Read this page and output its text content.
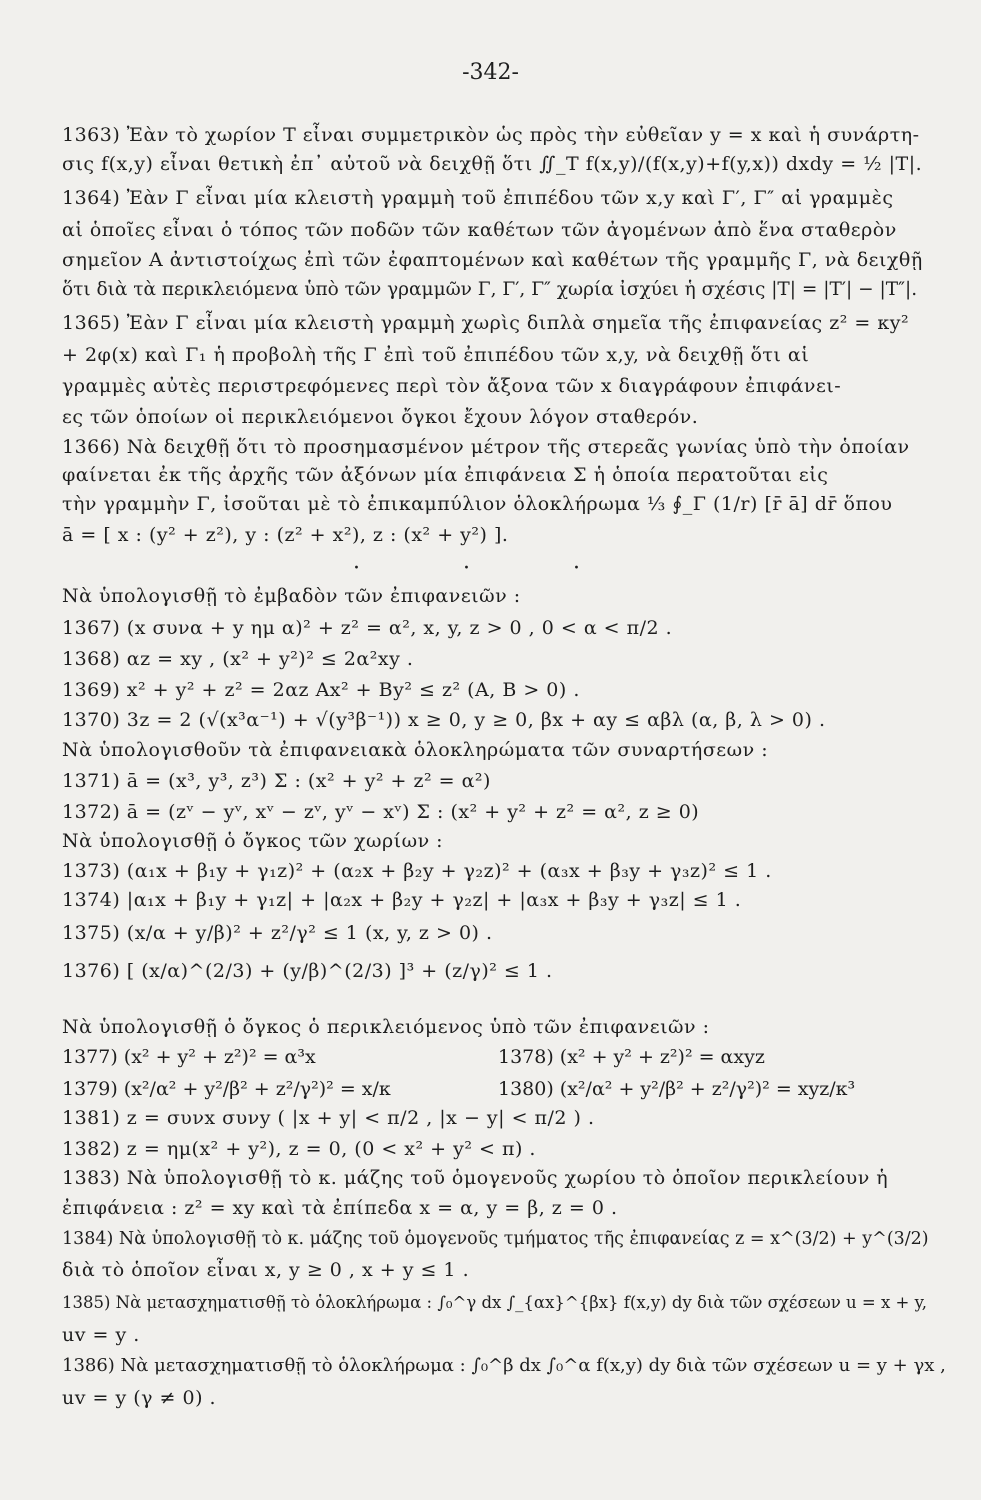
-342-
1363) Ἐὰν τὸ χωρίον T εἶναι συμμετρικὸν ὡς πρὸς τὴν εὐθεῖαν y = x καὶ ἡ συνάρτη-
σις f(x,y) εἶναι θετικὴ ἐπ᾽ αὐτοῦ νὰ δειχθῇ ὅτι ∬_T f(x,y)/(f(x,y)+f(y,x)) dxdy = ½ |T|.
1364) Ἐὰν Γ εἶναι μία κλειστὴ γραμμὴ τοῦ ἐπιπέδου τῶν x,y καὶ Γ′, Γ″ αἱ γραμμὲς
αἱ ὁποῖες εἶναι ὁ τόπος τῶν ποδῶν τῶν καθέτων τῶν ἀγομένων ἀπὸ ἕνα σταθερὸν
σημεῖον A ἀντιστοίχως ἐπὶ τῶν ἐφαπτομένων καὶ καθέτων τῆς γραμμῆς Γ, νὰ δειχθῇ
ὅτι διὰ τὰ περικλειόμενα ὑπὸ τῶν γραμμῶν Γ, Γ′, Γ″ χωρία ἰσχύει ἡ σχέσις |T| = |T′| − |T″|.
1365) Ἐὰν Γ εἶναι μία κλειστὴ γραμμὴ χωρὶς διπλὰ σημεῖα τῆς ἐπιφανείας z² = κy²
+ 2φ(x) καὶ Γ₁ ἡ προβολὴ τῆς Γ ἐπὶ τοῦ ἐπιπέδου τῶν x,y, νὰ δειχθῇ ὅτι αἱ
γραμμὲς αὐτὲς περιστρεφόμενες περὶ τὸν ἄξονα τῶν x διαγράφουν ἐπιφάνει-
ες τῶν ὁποίων οἱ περικλειόμενοι ὄγκοι ἔχουν λόγον σταθερόν.
1366) Νὰ δειχθῇ ὅτι τὸ προσημασμένον μέτρον τῆς στερεᾶς γωνίας ὑπὸ τὴν ὁποίαν
φαίνεται ἐκ τῆς ἀρχῆς τῶν ἀξόνων μία ἐπιφάνεια Σ ἡ ὁποία περατοῦται εἰς
τὴν γραμμὴν Γ, ἰσοῦται μὲ τὸ ἐπικαμπύλιον ὁλοκλήρωμα ⅓ ∮_Γ (1/r) [r̄ ā] dr̄ ὅπου
ā = [ x : (y² + z²), y : (z² + x²), z : (x² + y²) ].
· · ·
Νὰ ὑπολογισθῇ τὸ ἐμβαδὸν τῶν ἐπιφανειῶν :
1367) (x συνα + y ημ α)² + z² = α², x, y, z > 0 , 0 < α < π/2 .
1368) αz = xy , (x² + y²)² ≤ 2α²xy .
1369) x² + y² + z² = 2αz Ax² + By² ≤ z² (A, B > 0) .
1370) 3z = 2 (√(x³α⁻¹) + √(y³β⁻¹)) x ≥ 0, y ≥ 0, βx + αy ≤ αβλ (α, β, λ > 0) .
Νὰ ὑπολογισθοῦν τὰ ἐπιφανειακὰ ὁλοκληρώματα τῶν συναρτήσεων :
1371) ā = (x³, y³, z³) Σ : (x² + y² + z² = α²)
1372) ā = (zᵛ − yᵛ, xᵛ − zᵛ, yᵛ − xᵛ) Σ : (x² + y² + z² = α², z ≥ 0)
Νὰ ὑπολογισθῇ ὁ ὄγκος τῶν χωρίων :
1373) (α₁x + β₁y + γ₁z)² + (α₂x + β₂y + γ₂z)² + (α₃x + β₃y + γ₃z)² ≤ 1 .
1374) |α₁x + β₁y + γ₁z| + |α₂x + β₂y + γ₂z| + |α₃x + β₃y + γ₃z| ≤ 1 .
1375) (x/α + y/β)² + z²/γ² ≤ 1 (x, y, z > 0) .
1376) [ (x/α)^(2/3) + (y/β)^(2/3) ]³ + (z/γ)² ≤ 1 .
Νὰ ὑπολογισθῇ ὁ ὄγκος ὁ περικλειόμενος ὑπὸ τῶν ἐπιφανειῶν :
1377) (x² + y² + z²)² = α³x	1378) (x² + y² + z²)² = αxyz
1379) (x²/α² + y²/β² + z²/γ²)² = x/κ	1380) (x²/α² + y²/β² + z²/γ²)² = xyz/κ³
1381) z = συνx συνy ( |x + y| < π/2 , |x − y| < π/2 ) .
1382) z = ημ(x² + y²), z = 0, (0 < x² + y² < π) .
1383) Νὰ ὑπολογισθῇ τὸ κ. μάζης τοῦ ὁμογενοῦς χωρίου τὸ ὁποῖον περικλείουν ἡ
ἐπιφάνεια : z² = xy καὶ τὰ ἐπίπεδα x = α, y = β, z = 0 .
1384) Νὰ ὑπολογισθῇ τὸ κ. μάζης τοῦ ὁμογενοῦς τμήματος τῆς ἐπιφανείας z = x^(3/2) + y^(3/2)
διὰ τὸ ὁποῖον εἶναι x, y ≥ 0 , x + y ≤ 1 .
1385) Νὰ μετασχηματισθῇ τὸ ὁλοκλήρωμα : ∫₀^γ dx ∫_{αx}^{βx} f(x,y) dy διὰ τῶν σχέσεων u = x + y,
uv = y .
1386) Νὰ μετασχηματισθῇ τὸ ὁλοκλήρωμα : ∫₀^β dx ∫₀^α f(x,y) dy διὰ τῶν σχέσεων u = y + γx ,
uv = y (γ ≠ 0) .
